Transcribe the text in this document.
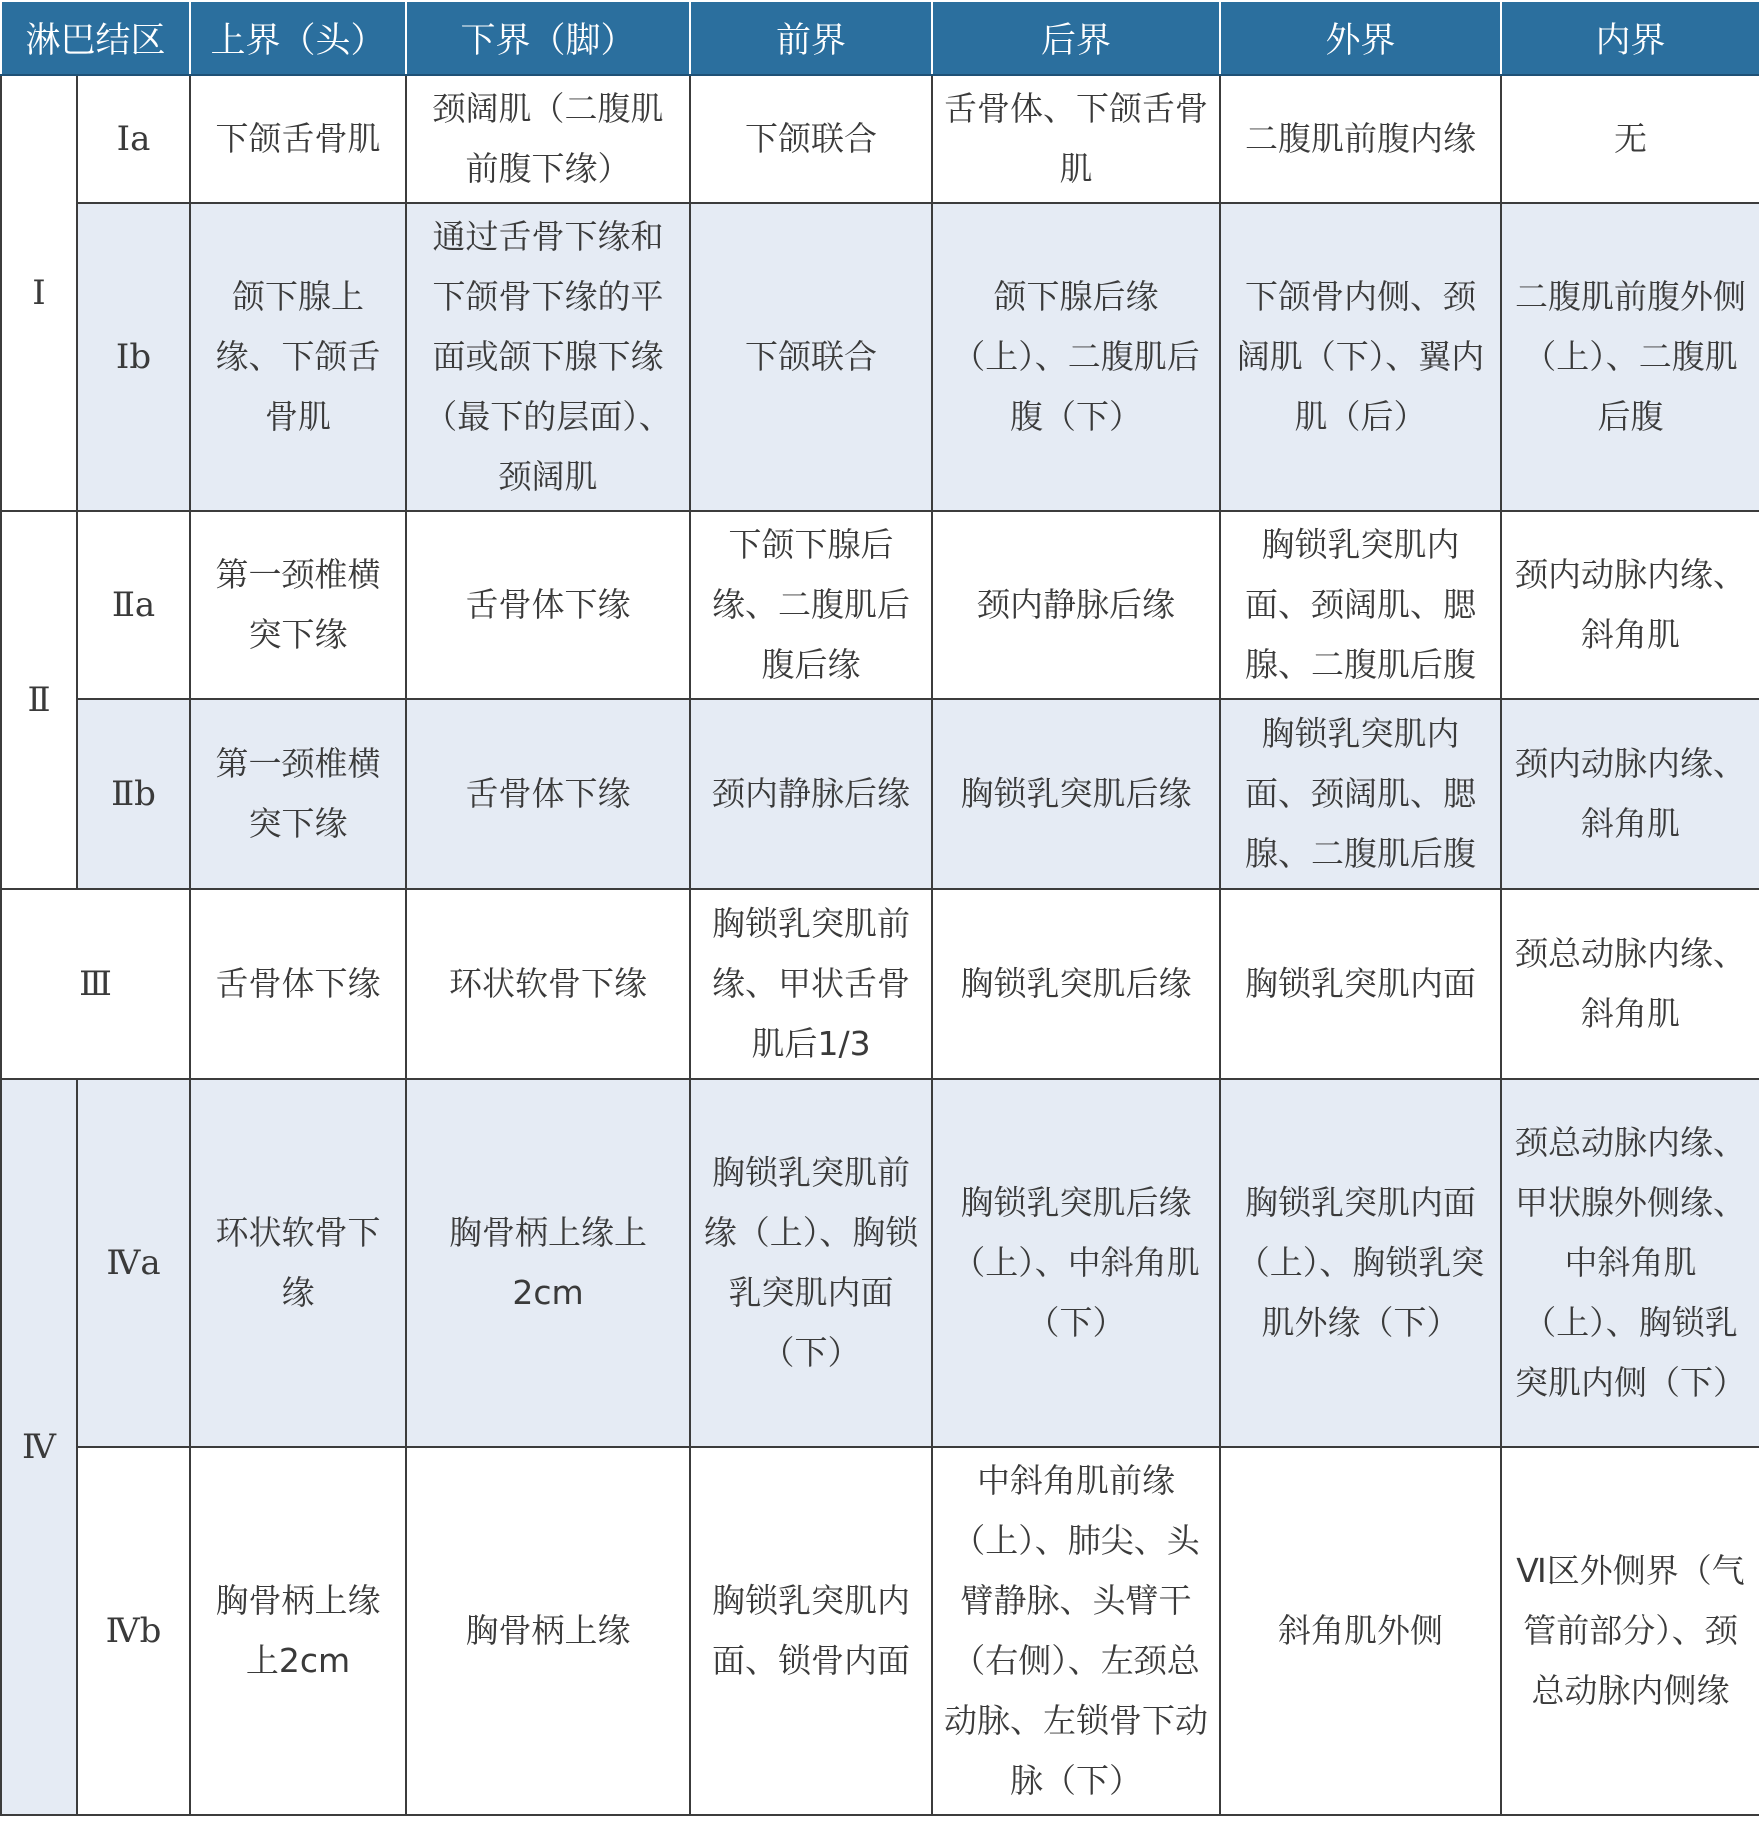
淋巴结区		上界（头）	下界（脚）	前界	后界	外界	内界
Ⅰ	Ⅰa	下颌舌骨肌	颈阔肌（二腹肌前腹下缘）	下颌联合	舌骨体、下颌舌骨肌	二腹肌前腹内缘	无
	Ⅰb	颌下腺上缘、下颌舌骨肌	通过舌骨下缘和下颌骨下缘的平面或颌下腺下缘（最下的层面）、颈阔肌	下颌联合	颌下腺后缘（上）、二腹肌后腹（下）	下颌骨内侧、颈阔肌（下）、翼内肌（后）	二腹肌前腹外侧（上）、二腹肌后腹
Ⅱ	Ⅱa	第一颈椎横突下缘	舌骨体下缘	下颌下腺后缘、二腹肌后腹后缘	颈内静脉后缘	胸锁乳突肌内面、颈阔肌、腮腺、二腹肌后腹	颈内动脉内缘、斜角肌
	Ⅱb	第一颈椎横突下缘	舌骨体下缘	颈内静脉后缘	胸锁乳突肌后缘	胸锁乳突肌内面、颈阔肌、腮腺、二腹肌后腹	颈内动脉内缘、斜角肌
Ⅲ		舌骨体下缘	环状软骨下缘	胸锁乳突肌前缘、甲状舌骨肌后1/3	胸锁乳突肌后缘	胸锁乳突肌内面	颈总动脉内缘、斜角肌
Ⅳ	Ⅳa	环状软骨下缘	胸骨柄上缘上2cm	胸锁乳突肌前缘（上）、胸锁乳突肌内面（下）	胸锁乳突肌后缘（上）、中斜角肌（下）	胸锁乳突肌内面（上）、胸锁乳突肌外缘（下）	颈总动脉内缘、甲状腺外侧缘、中斜角肌（上）、胸锁乳突肌内侧（下）
	Ⅳb	胸骨柄上缘上2cm	胸骨柄上缘	胸锁乳突肌内面、锁骨内面	中斜角肌前缘（上）、肺尖、头臂静脉、头臂干（右侧）、左颈总动脉、左锁骨下动脉（下）	斜角肌外侧	Ⅵ区外侧界（气管前部分）、颈总动脉内侧缘
